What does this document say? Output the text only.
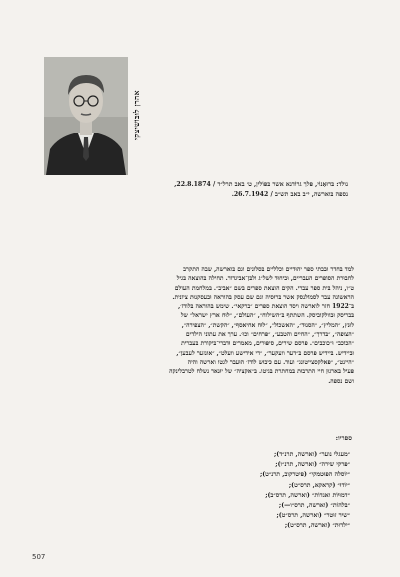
אהרן לוּבּוֹשיצקי
נולד: בּרוּאַנוֹי, פּלך גרוֹדנא אשר בּפּוֹלין, ט׳ באב תרל״ד / 22.8.1874,
נספה בּוארשה, י״ב באב תש״ב / 26.7.1942.
למד בּחדר וּבבתי ספר יהוּדיים וכלליים בּסלונים וגם בּוארשה, שבה התקרב
לחבוּרת הסוֹפרים העבריים, וּביחוּד לשל״ג ולבּן־אביגדוֹר. תחילה בּהוצאה בּגיל
ט״ו, ניהל בּית ספר עברי. הקים הוצאת ספרים בּשם ״אביב״. בּמלחמת העוֹלם
הראשוֹנה עבר לסמוֹלנסק אשר בּרוּסיה וגם שם עסק בּהוראה וּבעסקנוּת ציוֹנית.
בּ־1922 חזר לוארשה ויסד הוצאת ספרים ״ברקאי״. שימש בּהוראה בּלודז׳,
בּבריסק וּבוולקוביסק. השתתף בּ״השילוח״, ״העוֹלם״, ״לוּח ארץ ישראל״ של
לוּנץ, ״המליץ״, ״הסנוּד״, ״האשכוֹל״, ״לוּח אחיאסף״, ״הקשת״, ״הצפירה״,
״הצופה״, ״בּדרך״, ״החיים והטבע״, ״פּרחים״ וכוּ׳. ערך את עתוֹני הילדים
״הכוֹכב״ וּ״כוכבים״. פּרסם שירים, סיפּוּרים, מאמרים וּדברי־בּיקוֹרת בּעברית
וּביידיש. בּיידיש פּרסם בּ״דער וועקער״, ״די אידישע וועלט״, ״אונזער לעבען״,
״היינט״, ״פּאלקסצייטונג״ ועוד. עם כּיבוּש לוֹדז׳ הוּעבר לגטו וארשה והיה
פּעיל בּארגוּן חיי התרבוּת בּמחתרת בּגיטו. בּ״אקציה״ של יוּנאר נשלח לטרבלינקה
ושם נספה.
ספריו:
״מעגלי נוער״ (וארשה, תרנ״ד);
״פּרקי שירה״ (וארשה, תרנ״ו);
״יוֹסלה הפּוּטמקי״ (פּיטרקוב, תרנ״ט);
״יוֹדוּ״ (קראקא, תרס״ט);
״דמוּיוֹת ואגדוֹת״ (וארשה, תרס״ב);
״בּלהוֹת״ (וארשה, תרס״ו—);
״שיר זוּטר״ (וארשה, תרס״ט);
״ילדוּת״ (וארשה, תרס״ט);
507
